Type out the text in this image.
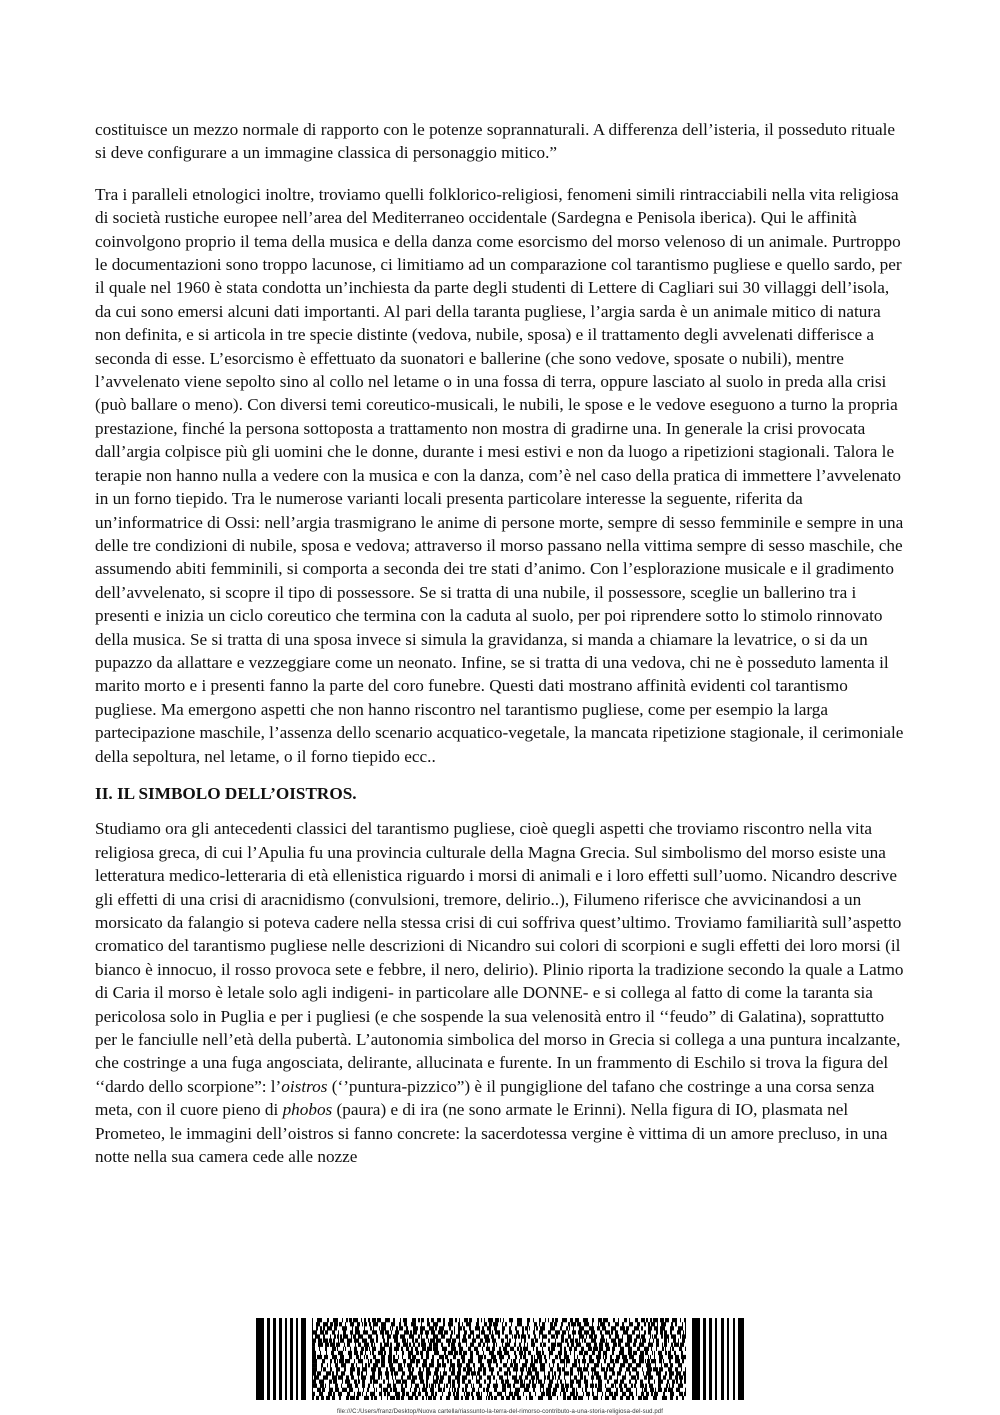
costituisce un mezzo normale di rapporto con le potenze soprannaturali. A differenza dell’isteria, il posseduto rituale si deve configurare a un immagine classica di personaggio mitico.”

Tra i paralleli etnologici inoltre, troviamo quelli folklorico-religiosi, fenomeni simili rintracciabili nella vita religiosa di società rustiche europee nell’area del Mediterraneo occidentale (Sardegna e Penisola iberica). Qui le affinità coinvolgono proprio il tema della musica e della danza come esorcismo del morso velenoso di un animale. Purtroppo le documentazioni sono troppo lacunose, ci limitiamo ad un comparazione col tarantismo pugliese e quello sardo, per il quale nel 1960 è stata condotta un’inchiesta da parte degli studenti di Lettere di Cagliari sui 30 villaggi dell’isola, da cui sono emersi alcuni dati importanti. Al pari della taranta pugliese, l’argia sarda è un animale mitico di natura non definita, e si articola in tre specie distinte (vedova, nubile, sposa) e il trattamento degli avvelenati differisce a seconda di esse. L’esorcismo è effettuato da suonatori e ballerine (che sono vedove, sposate o nubili), mentre l’avvelenato viene sepolto sino al collo nel letame o in una fossa di terra, oppure lasciato al suolo in preda alla crisi (può ballare o meno). Con diversi temi coreutico-musicali, le nubili, le spose e le vedove eseguono a turno la propria prestazione, finché la persona sottoposta a trattamento non mostra di gradirne una. In generale la crisi provocata dall’argia colpisce più gli uomini che le donne, durante i mesi estivi e non da luogo a ripetizioni stagionali. Talora le terapie non hanno nulla a vedere con la musica e con la danza, com’è nel caso della pratica di immettere l’avvelenato in un forno tiepido. Tra le numerose varianti locali presenta particolare interesse la seguente, riferita da un’informatrice di Ossi: nell’argia trasmigrano le anime di persone morte, sempre di sesso femminile e sempre in una delle tre condizioni di nubile, sposa e vedova; attraverso il morso passano nella vittima sempre di sesso maschile, che assumendo abiti femminili, si comporta a seconda dei tre stati d’animo. Con l’esplorazione musicale e il gradimento dell’avvelenato, si scopre il tipo di possessore. Se si tratta di una nubile, il possessore, sceglie un ballerino tra i presenti e inizia un ciclo coreutico che termina con la caduta al suolo, per poi riprendere sotto lo stimolo rinnovato della musica. Se si tratta di una sposa invece si simula la gravidanza, si manda a chiamare la levatrice, o si da un pupazzo da allattare e vezzeggiare come un neonato. Infine, se si tratta di una vedova, chi ne è posseduto lamenta il marito morto e i presenti fanno la parte del coro funebre. Questi dati mostrano affinità evidenti col tarantismo pugliese. Ma emergono aspetti che non hanno riscontro nel tarantismo pugliese, come per esempio la larga partecipazione maschile, l’assenza dello scenario acquatico-vegetale, la mancata ripetizione stagionale, il cerimoniale della sepoltura, nel letame, o il forno tiepido ecc..

II. IL SIMBOLO DELL’OISTROS.

Studiamo ora gli antecedenti classici del tarantismo pugliese, cioè quegli aspetti che troviamo riscontro nella vita religiosa greca, di cui l’Apulia fu una provincia culturale della Magna Grecia. Sul simbolismo del morso esiste una letteratura medico-letteraria di età ellenistica riguardo i morsi di animali e i loro effetti sull’uomo. Nicandro descrive gli effetti di una crisi di aracnidismo (convulsioni, tremore, delirio..), Filumeno riferisce che avvicinandosi a un morsicato da falangio si poteva cadere nella stessa crisi di cui soffriva quest’ultimo. Troviamo familiarità sull’aspetto cromatico del tarantismo pugliese nelle descrizioni di Nicandro sui colori di scorpioni e sugli effetti dei loro morsi (il bianco è innocuo, il rosso provoca sete e febbre, il nero, delirio). Plinio riporta la tradizione secondo la quale a Latmo di Caria il morso è letale solo agli indigeni- in particolare alle DONNE- e si collega al fatto di come la taranta sia pericolosa solo in Puglia e per i pugliesi (e che sospende la sua velenosità entro il ‘‘feudo” di Galatina), soprattutto per le fanciulle nell’età della pubertà. L’autonomia simbolica del morso in Grecia si collega a una puntura incalzante, che costringe a una fuga angosciata, delirante, allucinata e furente. In un frammento di Eschilo si trova la figura del ‘‘dardo dello scorpione”: l’oistros (‘’puntura-pizzico”) è il pungiglione del tafano che costringe a una corsa senza meta, con il cuore pieno di phobos (paura) e di ira (ne sono armate le Erinni). Nella figura di IO, plasmata nel Prometeo, le immagini dell’oistros si fanno concrete: la sacerdotessa vergine è vittima di un amore precluso, in una notte nella sua camera cede alle nozze

file:///C:/Users/franz/Desktop/Nuova cartella/riassunto-la-terra-del-rimorso-contributo-a-una-storia-religiosa-del-sud.pdf
